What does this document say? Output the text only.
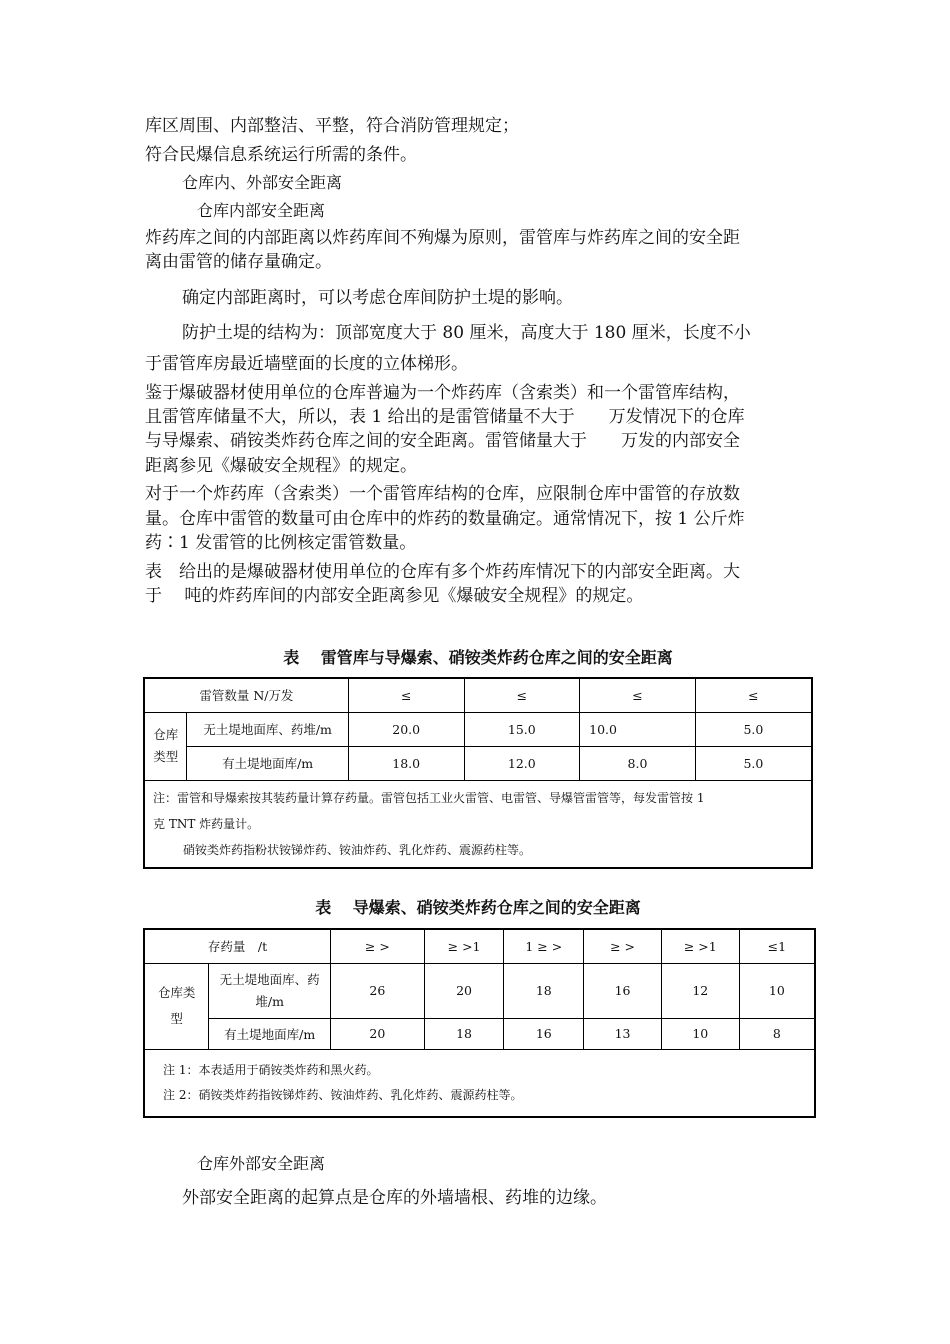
库区周围、内部整洁、平整，符合消防管理规定；
符合民爆信息系统运行所需的条件。
仓库内、外部安全距离
仓库内部安全距离
炸药库之间的内部距离以炸药库间不殉爆为原则，雷管库与炸药库之间的安全距
离由雷管的储存量确定。
确定内部距离时，可以考虑仓库间防护土堤的影响。
防护土堤的结构为：顶部宽度大于 80 厘米，高度大于 180 厘米，长度不小
于雷管库房最近墙壁面的长度的立体梯形。
鉴于爆破器材使用单位的仓库普遍为一个炸药库（含索类）和一个雷管库结构，
且雷管库储量不大，所以，表 1 给出的是雷管储量不大于　　万发情况下的仓库
与导爆索、硝铵类炸药仓库之间的安全距离。雷管储量大于　　万发的内部安全
距离参见《爆破安全规程》的规定。
对于一个炸药库（含索类）一个雷管库结构的仓库，应限制仓库中雷管的存放数
量。仓库中雷管的数量可由仓库中的炸药的数量确定。通常情况下，按 1 公斤炸
药∶1 发雷管的比例核定雷管数量。
表　给出的是爆破器材使用单位的仓库有多个炸药库情况下的内部安全距离。大
于　 吨的炸药库间的内部安全距离参见《爆破安全规程》的规定。
表　 雷管库与导爆索、硝铵类炸药仓库之间的安全距离
雷管数量 N/万发		≤	≤	≤	≤
仓库类型	无土堤地面库、药堆/m	20.0	15.0	10.0	5.0
	有土堤地面库/m	18.0	12.0	8.0	5.0

注：雷管和导爆索按其装药量计算存药量。雷管包括工业火雷管、电雷管、导爆管雷管等，每发雷管按 1
克 TNT 炸药量计。
硝铵类炸药指粉状铵锑炸药、铵油炸药、乳化炸药、震源药柱等。					
表　 导爆索、硝铵类炸药仓库之间的安全距离
存药量　/t		≥ >	≥ >1	1 ≥ >	≥ >	≥ >1	≤1
仓库类型	无土堤地面库、药堆/m	26	20	18	16	12	10
	有土堤地面库/m	20	18	16	13	10	8

注 1：本表适用于硝铵类炸药和黑火药。
注 2：硝铵类炸药指铵锑炸药、铵油炸药、乳化炸药、震源药柱等。							
仓库外部安全距离
外部安全距离的起算点是仓库的外墙墙根、药堆的边缘。
